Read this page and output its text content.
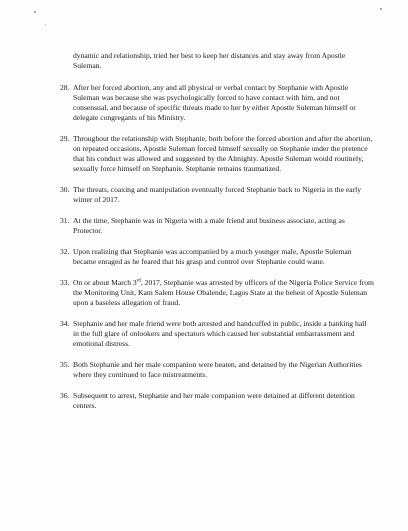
dynamic and relationship, tried her best to keep her distances and stay away from Apostle Suleman.

28. After her forced abortion, any and all physical or verbal contact by Stephanie with Apostle Suleman was because she was psychologically forced to have contact with him, and not consensual, and because of specific threats made to her by either Apostle Suleman himself or delegate congregants of his Ministry.

29. Throughout the relationship with Stephanie, both before the forced abortion and after the abortion, on repeated occasions, Apostle Suleman forced himself sexually on Stephanie under the pretence that his conduct was allowed and suggested by the Almighty. Apostle Suleman would routinely, sexually force himself on Stephanie. Stephanie remains traumatized.

30. The threats, coaxing and manipulation eventually forced Stephanie back to Nigeria in the early winter of 2017.

31. At the time, Stephanie was in Nigeria with a male friend and business associate, acting as Protector.

32. Upon realizing that Stephanie was accompanied by a much younger male, Apostle Suleman became enraged as he feared that his grasp and control over Stephanie could wane.

33. On or about March 3rd, 2017, Stephanie was arrested by officers of the Nigeria Police Service from the Monitoring Unit, Kam Salem House Obalende, Lagos State at the behest of Apostle Suleman upon a baseless allegation of fraud.

34. Stephanie and her male friend were both arrested and handcuffed in public, inside a banking hall in the full glare of onlookers and spectators which caused her substantial embarrassment and emotional distress.

35. Both Stephanie and her male companion were beaten, and detained by the Nigerian Authorities where they continued to face mistreatments.

36. Subsequent to arrest, Stephanie and her male companion were detained at different detention centers.
